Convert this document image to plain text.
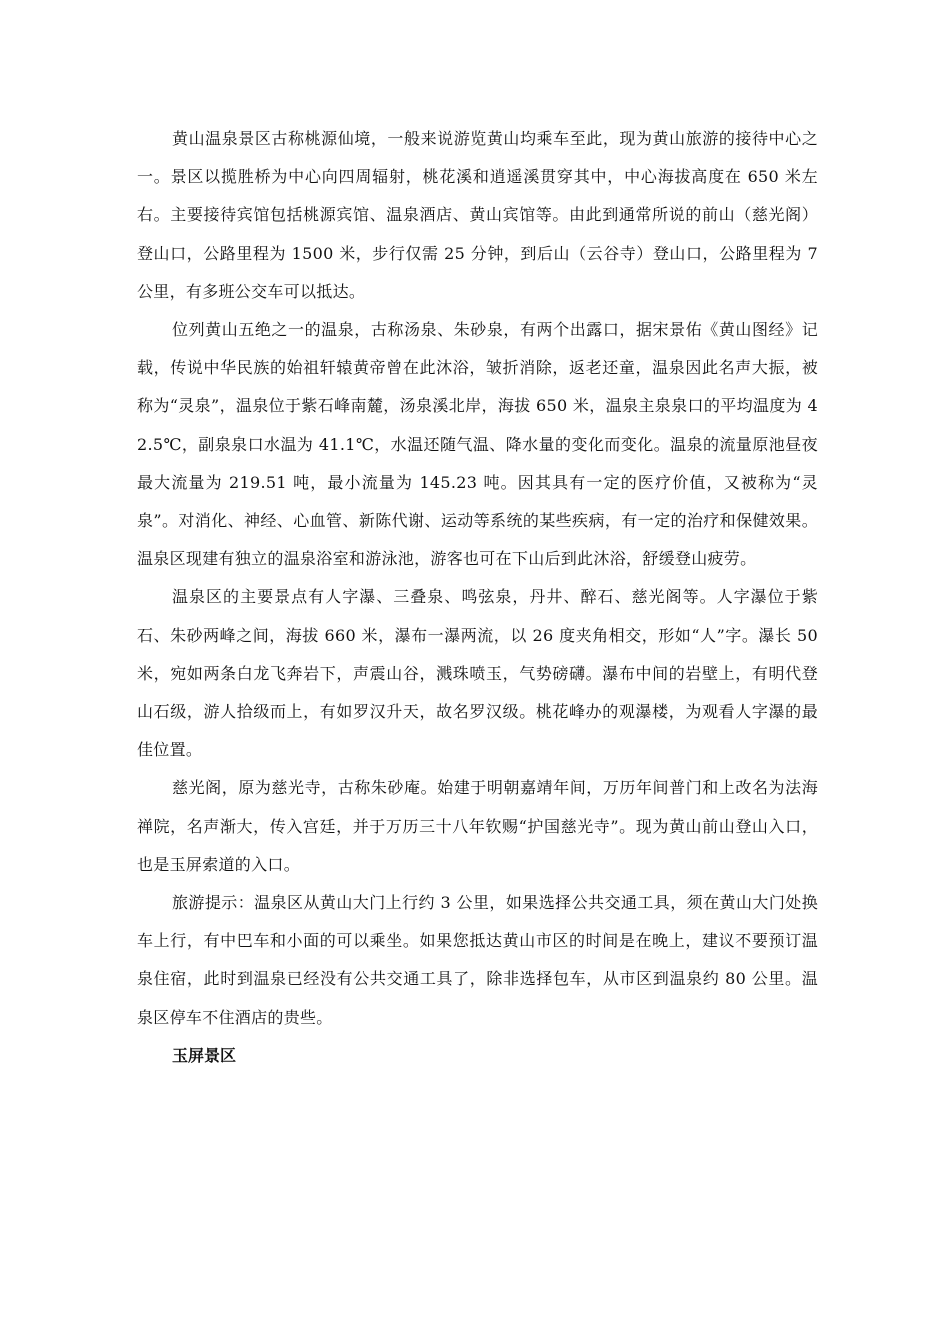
黄山温泉景区古称桃源仙境，一般来说游览黄山均乘车至此，现为黄山旅游的接待中心之一。景区以揽胜桥为中心向四周辐射，桃花溪和逍遥溪贯穿其中，中心海拔高度在 650 米左右。主要接待宾馆包括桃源宾馆、温泉酒店、黄山宾馆等。由此到通常所说的前山（慈光阁）登山口，公路里程为 1500 米，步行仅需 25 分钟，到后山（云谷寺）登山口，公路里程为 7 公里，有多班公交车可以抵达。

位列黄山五绝之一的温泉，古称汤泉、朱砂泉，有两个出露口，据宋景佑《黄山图经》记载，传说中华民族的始祖轩辕黄帝曾在此沐浴，皱折消除，返老还童，温泉因此名声大振，被称为“灵泉”，温泉位于紫石峰南麓，汤泉溪北岸，海拔 650 米，温泉主泉泉口的平均温度为 42.5℃，副泉泉口水温为 41.1℃，水温还随气温、降水量的变化而变化。温泉的流量原池昼夜最大流量为 219.51 吨，最小流量为 145.23 吨。因其具有一定的医疗价值，又被称为“灵泉”。对消化、神经、心血管、新陈代谢、运动等系统的某些疾病，有一定的治疗和保健效果。温泉区现建有独立的温泉浴室和游泳池，游客也可在下山后到此沐浴，舒缓登山疲劳。

温泉区的主要景点有人字瀑、三叠泉、鸣弦泉，丹井、醉石、慈光阁等。人字瀑位于紫石、朱砂两峰之间，海拔 660 米，瀑布一瀑两流，以 26 度夹角相交，形如“人”字。瀑长 50 米，宛如两条白龙飞奔岩下，声震山谷，溅珠喷玉，气势磅礴。瀑布中间的岩壁上，有明代登山石级，游人拾级而上，有如罗汉升天，故名罗汉级。桃花峰办的观瀑楼，为观看人字瀑的最佳位置。

慈光阁，原为慈光寺，古称朱砂庵。始建于明朝嘉靖年间，万历年间普门和上改名为法海禅院，名声渐大，传入宫廷，并于万历三十八年钦赐“护国慈光寺”。现为黄山前山登山入口，也是玉屏索道的入口。

旅游提示：温泉区从黄山大门上行约 3 公里，如果选择公共交通工具，须在黄山大门处换车上行，有中巴车和小面的可以乘坐。如果您抵达黄山市区的时间是在晚上，建议不要预订温泉住宿，此时到温泉已经没有公共交通工具了，除非选择包车，从市区到温泉约 80 公里。温泉区停车不住酒店的贵些。

玉屏景区
